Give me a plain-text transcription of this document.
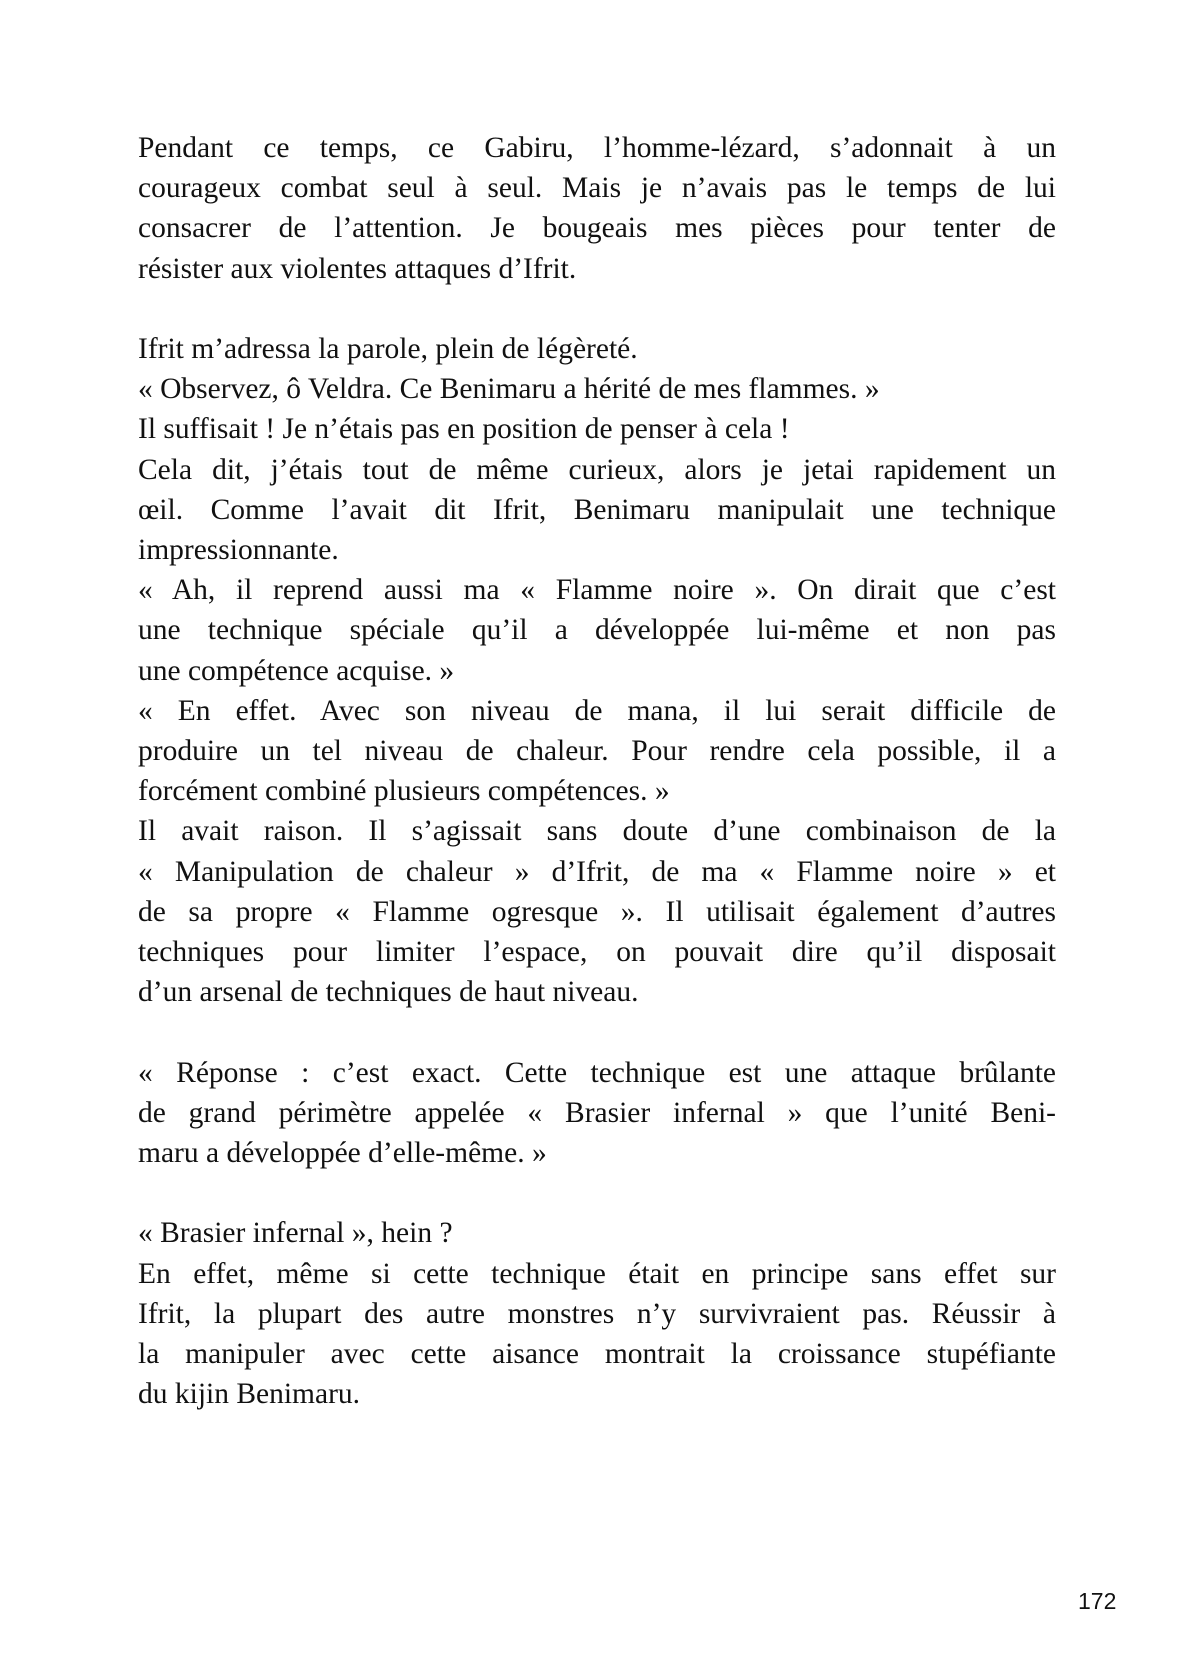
Pendant ce temps, ce Gabiru, l’homme-lézard, s’adonnait à un
courageux combat seul à seul. Mais je n’avais pas le temps de lui
consacrer de l’attention. Je bougeais mes pièces pour tenter de
résister aux violentes attaques d’Ifrit.
Ifrit m’adressa la parole, plein de légèreté.
« Observez, ô Veldra. Ce Benimaru a hérité de mes flammes. »
Il suffisait ! Je n’étais pas en position de penser à cela !
Cela dit, j’étais tout de même curieux, alors je jetai rapidement un
œil. Comme l’avait dit Ifrit, Benimaru manipulait une technique
impressionnante.
« Ah, il reprend aussi ma « Flamme noire ». On dirait que c’est
une technique spéciale qu’il a développée lui-même et non pas
une compétence acquise. »
« En effet. Avec son niveau de mana, il lui serait difficile de
produire un tel niveau de chaleur. Pour rendre cela possible, il a
forcément combiné plusieurs compétences. »
Il avait raison. Il s’agissait sans doute d’une combinaison de la
« Manipulation de chaleur » d’Ifrit, de ma « Flamme noire » et
de sa propre « Flamme ogresque ». Il utilisait également d’autres
techniques pour limiter l’espace, on pouvait dire qu’il disposait
d’un arsenal de techniques de haut niveau.
« Réponse : c’est exact. Cette technique est une attaque brûlante
de grand périmètre appelée « Brasier infernal » que l’unité Beni-
maru a développée d’elle-même. »
« Brasier infernal », hein ?
En effet, même si cette technique était en principe sans effet sur
Ifrit, la plupart des autre monstres n’y survivraient pas. Réussir à
la manipuler avec cette aisance montrait la croissance stupéfiante
du kijin Benimaru.
172
